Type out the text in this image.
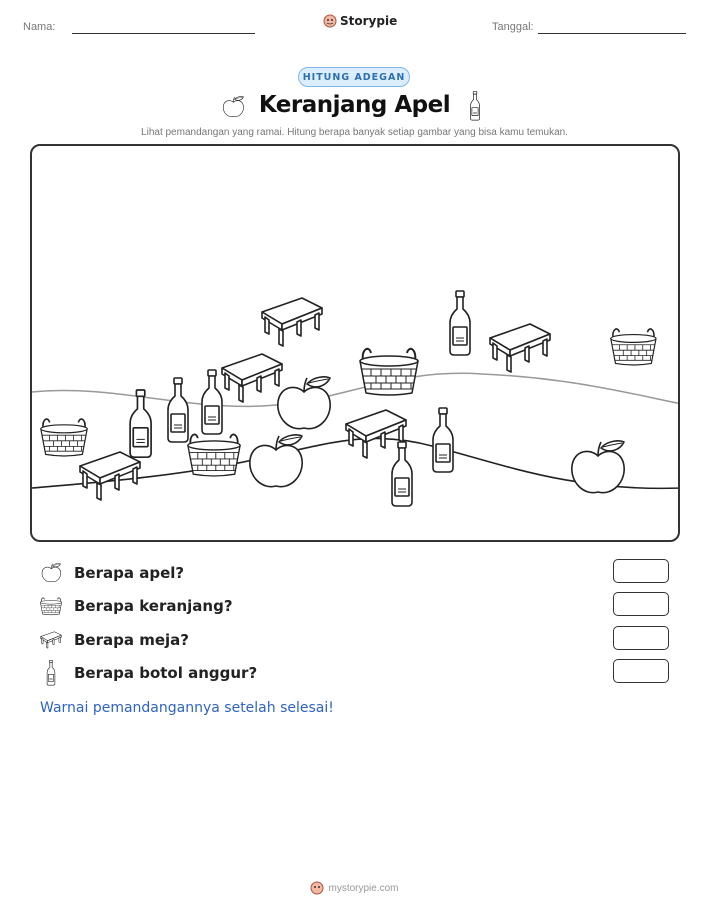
Nama:	Storypie	Tanggal:
HITUNG ADEGAN
Keranjang Apel
Lihat pemandangan yang ramai. Hitung berapa banyak setiap gambar yang bisa kamu temukan.
Berapa apel?
Berapa keranjang?
Berapa meja?
Berapa botol anggur?
Warnai pemandangannya setelah selesai!
mystorypie.com
